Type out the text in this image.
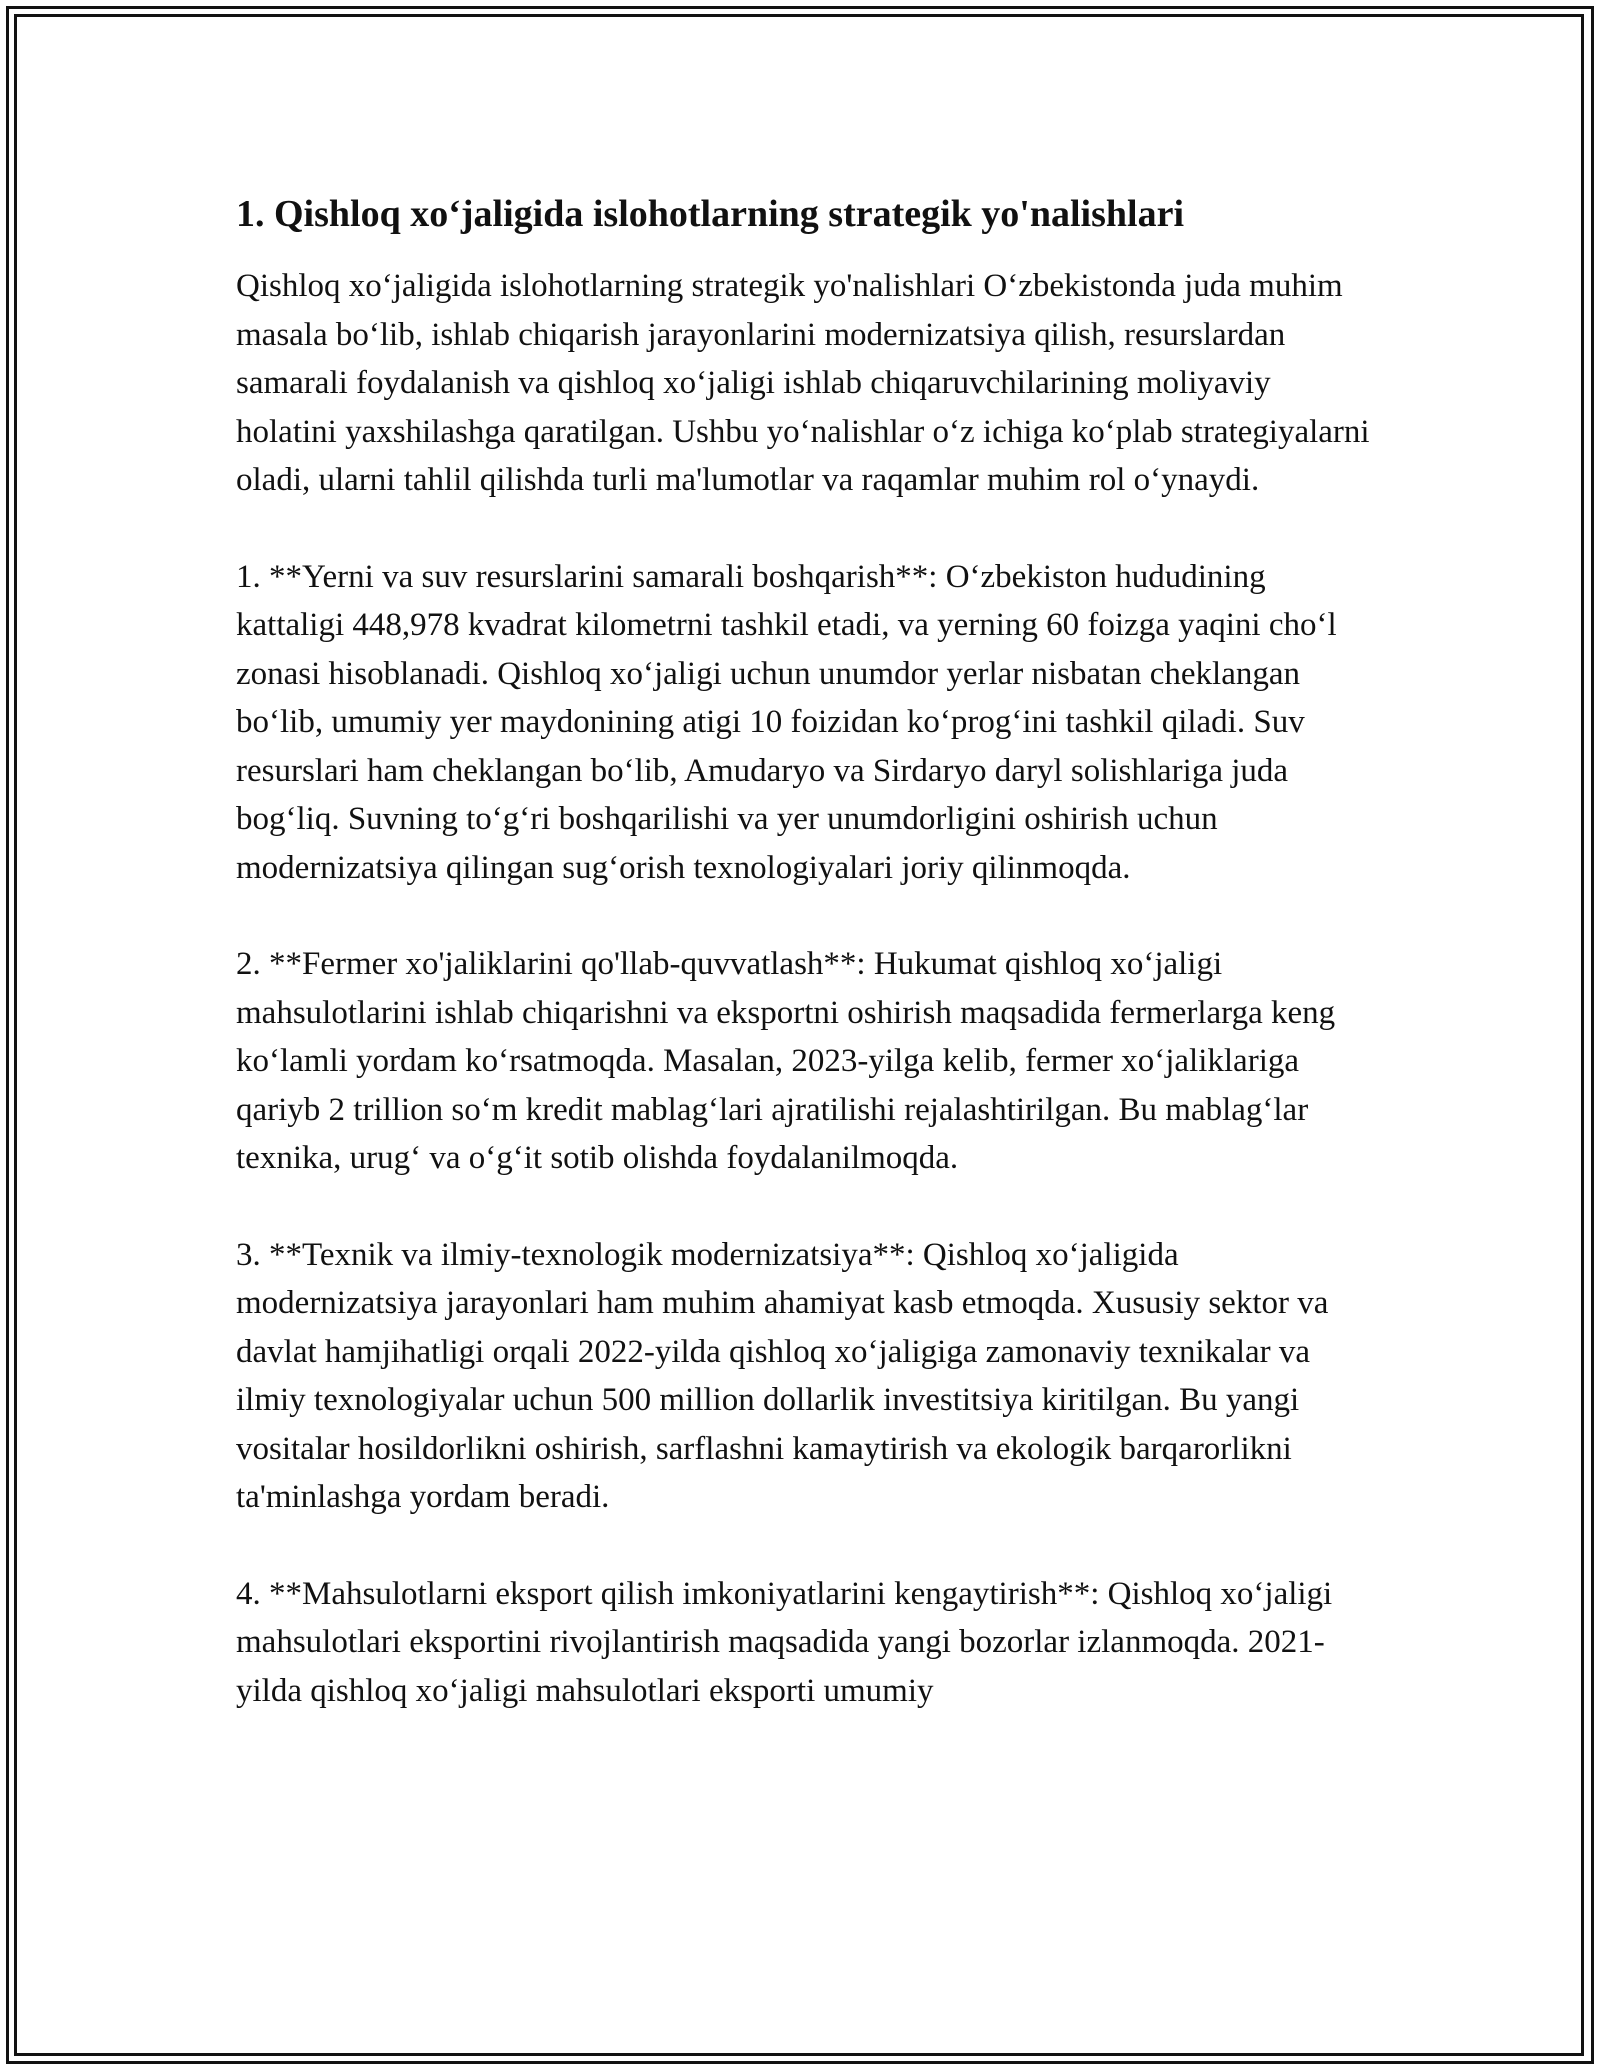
1. Qishloq xo‘jaligida islohotlarning strategik yo'nalishlari

Qishloq xo‘jaligida islohotlarning strategik yo'nalishlari O‘zbekistonda juda muhim masala bo‘lib, ishlab chiqarish jarayonlarini modernizatsiya qilish, resurslardan samarali foydalanish va qishloq xo‘jaligi ishlab chiqaruvchilarining moliyaviy holatini yaxshilashga qaratilgan. Ushbu yo‘nalishlar o‘z ichiga ko‘plab strategiyalarni oladi, ularni tahlil qilishda turli ma'lumotlar va raqamlar muhim rol o‘ynaydi.

1. **Yerni va suv resurslarini samarali boshqarish**: O‘zbekiston hududining kattaligi 448,978 kvadrat kilometrni tashkil etadi, va yerning 60 foizga yaqini cho‘l zonasi hisoblanadi. Qishloq xo‘jaligi uchun unumdor yerlar nisbatan cheklangan bo‘lib, umumiy yer maydonining atigi 10 foizidan ko‘prog‘ini tashkil qiladi. Suv resurslari ham cheklangan bo‘lib, Amudaryo va Sirdaryo daryl solishlariga juda bog‘liq. Suvning to‘g‘ri boshqarilishi va yer unumdorligini oshirish uchun modernizatsiya qilingan sug‘orish texnologiyalari joriy qilinmoqda.

2. **Fermer xo'jaliklarini qo'llab-quvvatlash**: Hukumat qishloq xo‘jaligi mahsulotlarini ishlab chiqarishni va eksportni oshirish maqsadida fermerlarga keng ko‘lamli yordam ko‘rsatmoqda. Masalan, 2023-yilga kelib, fermer xo‘jaliklariga qariyb 2 trillion so‘m kredit mablag‘lari ajratilishi rejalashtirilgan. Bu mablag‘lar texnika, urug‘ va o‘g‘it sotib olishda foydalanilmoqda.

3. **Texnik va ilmiy-texnologik modernizatsiya**: Qishloq xo‘jaligida modernizatsiya jarayonlari ham muhim ahamiyat kasb etmoqda. Xususiy sektor va davlat hamjihatligi orqali 2022-yilda qishloq xo‘jaligiga zamonaviy texnikalar va ilmiy texnologiyalar uchun 500 million dollarlik investitsiya kiritilgan. Bu yangi vositalar hosildorlikni oshirish, sarflashni kamaytirish va ekologik barqarorlikni ta'minlashga yordam beradi.

4. **Mahsulotlarni eksport qilish imkoniyatlarini kengaytirish**: Qishloq xo‘jaligi mahsulotlari eksportini rivojlantirish maqsadida yangi bozorlar izlanmoqda. 2021-yilda qishloq xo‘jaligi mahsulotlari eksporti umumiy
